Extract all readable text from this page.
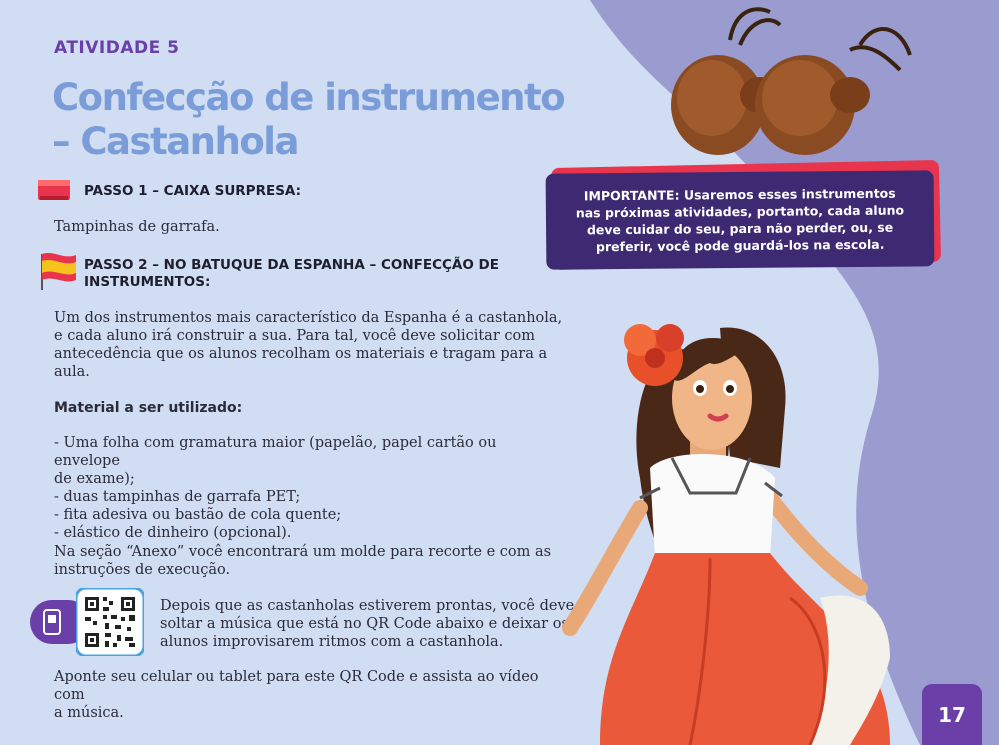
ATIVIDADE 5
Confecção de instrumento
– Castanhola
PASSO 1 – CAIXA SURPRESA:
Tampinhas de garrafa.
PASSO 2 – NO BATUQUE DA ESPANHA – CONFECÇÃO DE
INSTRUMENTOS:
Um dos instrumentos mais característico da Espanha é a castanhola,
e cada aluno irá construir a sua. Para tal, você deve solicitar com
antecedência que os alunos recolham os materiais e tragam para a
aula.
Material a ser utilizado:
- Uma folha com gramatura maior (papelão, papel cartão ou envelope
de exame);
- duas tampinhas de garrafa PET;
- fita adesiva ou bastão de cola quente;
- elástico de dinheiro (opcional).
Na seção “Anexo” você encontrará um molde para recorte e com as
instruções de execução.
Depois que as castanholas estiverem prontas, você deve
soltar a música que está no QR Code abaixo e deixar os
alunos improvisarem ritmos com a castanhola.
Aponte seu celular ou tablet para este QR Code e assista ao vídeo com
a música.
IMPORTANTE: Usaremos esses instrumentos
nas próximas atividades, portanto, cada aluno
deve cuidar do seu, para não perder, ou, se
preferir, você pode guardá-los na escola.
17
